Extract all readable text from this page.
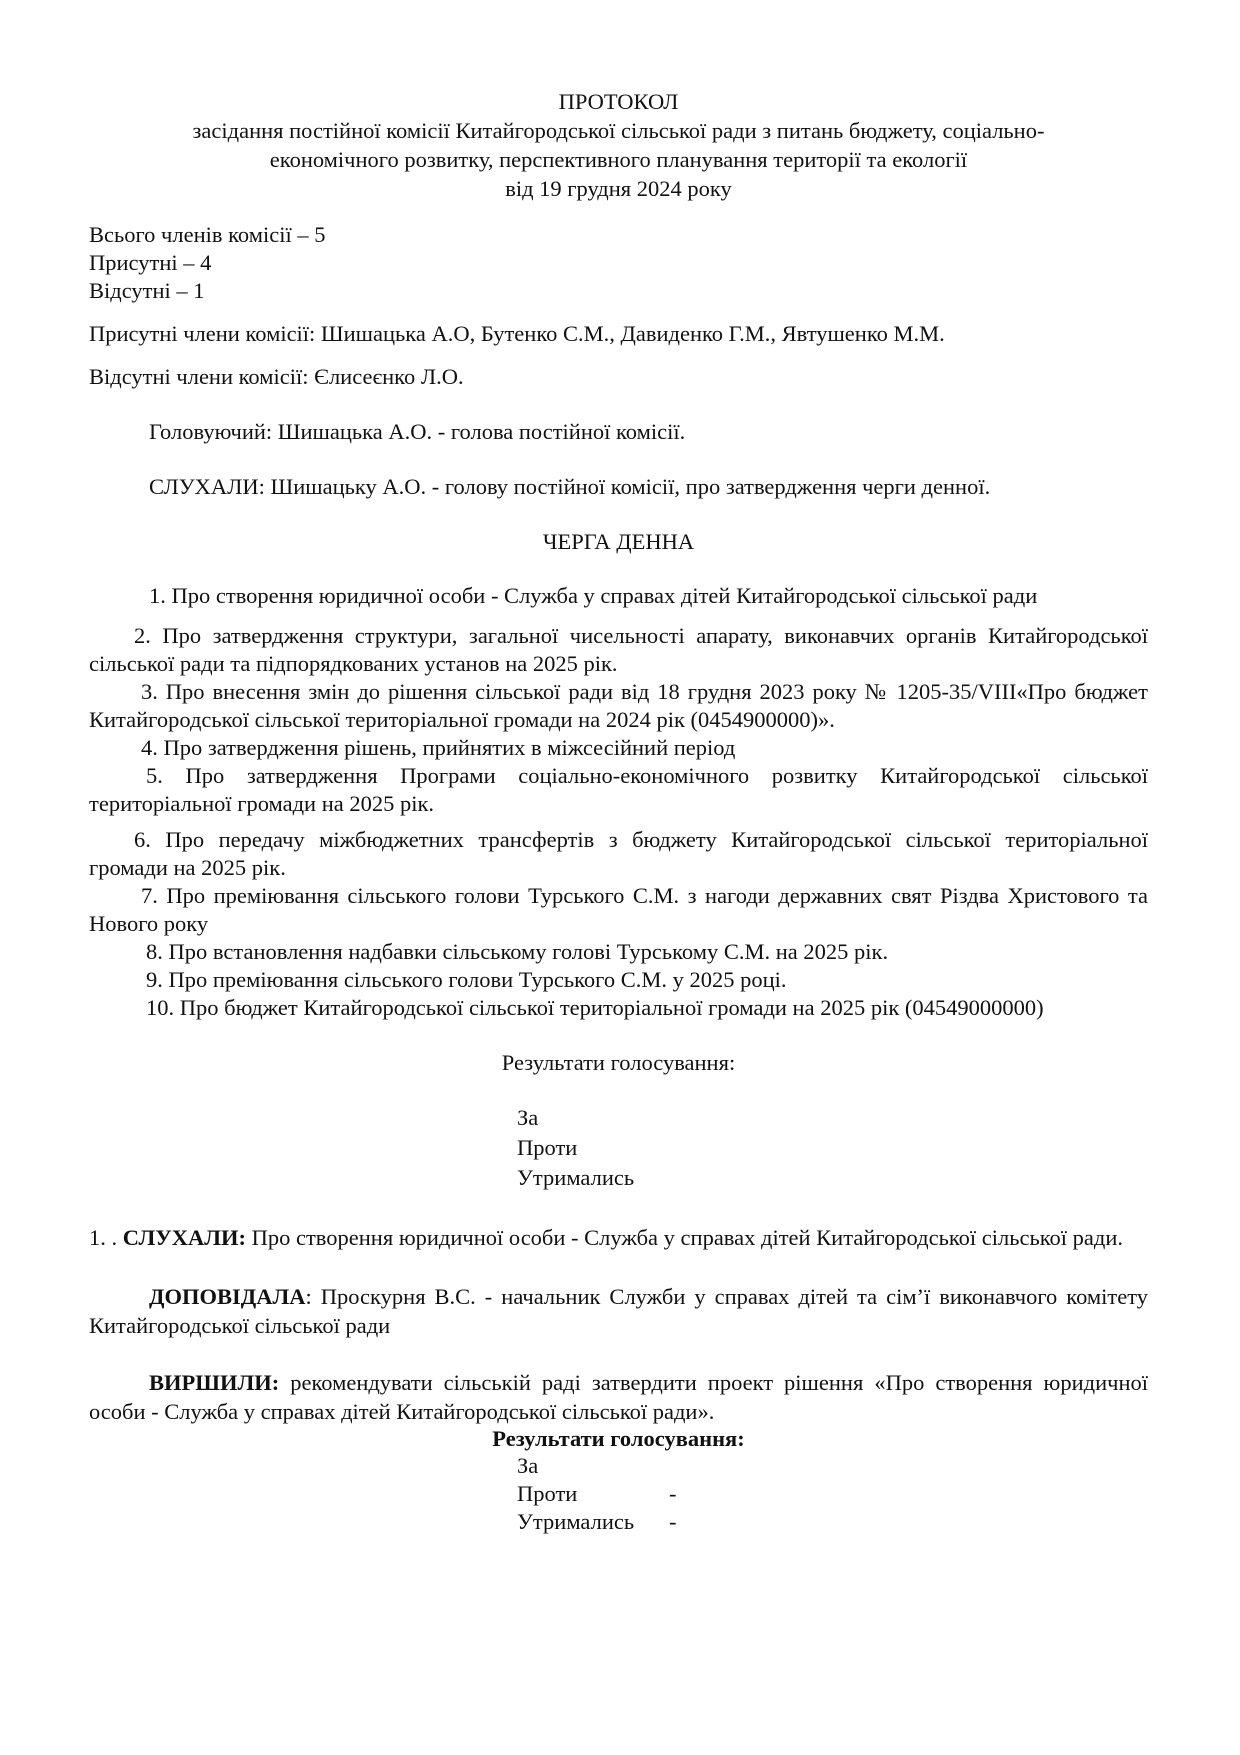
ПРОТОКОЛ

засідання постійної комісії Китайгородської сільської ради з питань бюджету, соціально-

економічного розвитку, перспективного планування території та екології

від 19 грудня 2024 року

Всього членів комісії – 5

Присутні – 4

Відсутні – 1

Присутні члени комісії: Шишацька А.О, Бутенко С.М., Давиденко Г.М., Явтушенко М.М.

Відсутні члени комісії: Єлисеєнко Л.О.

Головуючий: Шишацька А.О. - голова постійної комісії.

СЛУХАЛИ: Шишацьку А.О. - голову постійної комісії, про затвердження черги денної.

ЧЕРГА ДЕННА

1. Про створення юридичної особи - Служба у справах дітей Китайгородської сільської ради

2. Про затвердження структури, загальної чисельності апарату, виконавчих органів Китайгородської сільської ради та підпорядкованих установ на 2025 рік.

3. Про внесення змін до рішення сільської ради від 18 грудня 2023 року № 1205-35/VIII«Про бюджет Китайгородської сільської територіальної громади на 2024 рік (0454900000)».

4. Про затвердження рішень, прийнятих в міжсесійний період

5. Про затвердження Програми соціально-економічного розвитку Китайгородської сільської територіальної громади на 2025 рік.

6. Про передачу міжбюджетних трансфертів з бюджету Китайгородської сільської територіальної громади на 2025 рік.

7. Про преміювання сільського голови Турського С.М. з нагоди державних свят Різдва Христового та Нового року

8. Про встановлення надбавки сільському голові Турському С.М. на 2025 рік.

9. Про преміювання сільського голови Турського С.М. у 2025 році.

10. Про бюджет Китайгородської сільської територіальної громади на 2025 рік (04549000000)

Результати голосування:

За

Проти

Утримались

1. . СЛУХАЛИ: Про створення юридичної особи - Служба у справах дітей Китайгородської сільської ради.

ДОПОВІДАЛА: Проскурня В.С. - начальник Служби у справах дітей та сім’ї виконавчого комітету Китайгородської сільської ради

ВИРШИЛИ: рекомендувати сільській раді затвердити проект рішення «Про створення юридичної особи - Служба у справах дітей Китайгородської сільської ради».

Результати голосування:

За
Проти	-
Утримались	-
